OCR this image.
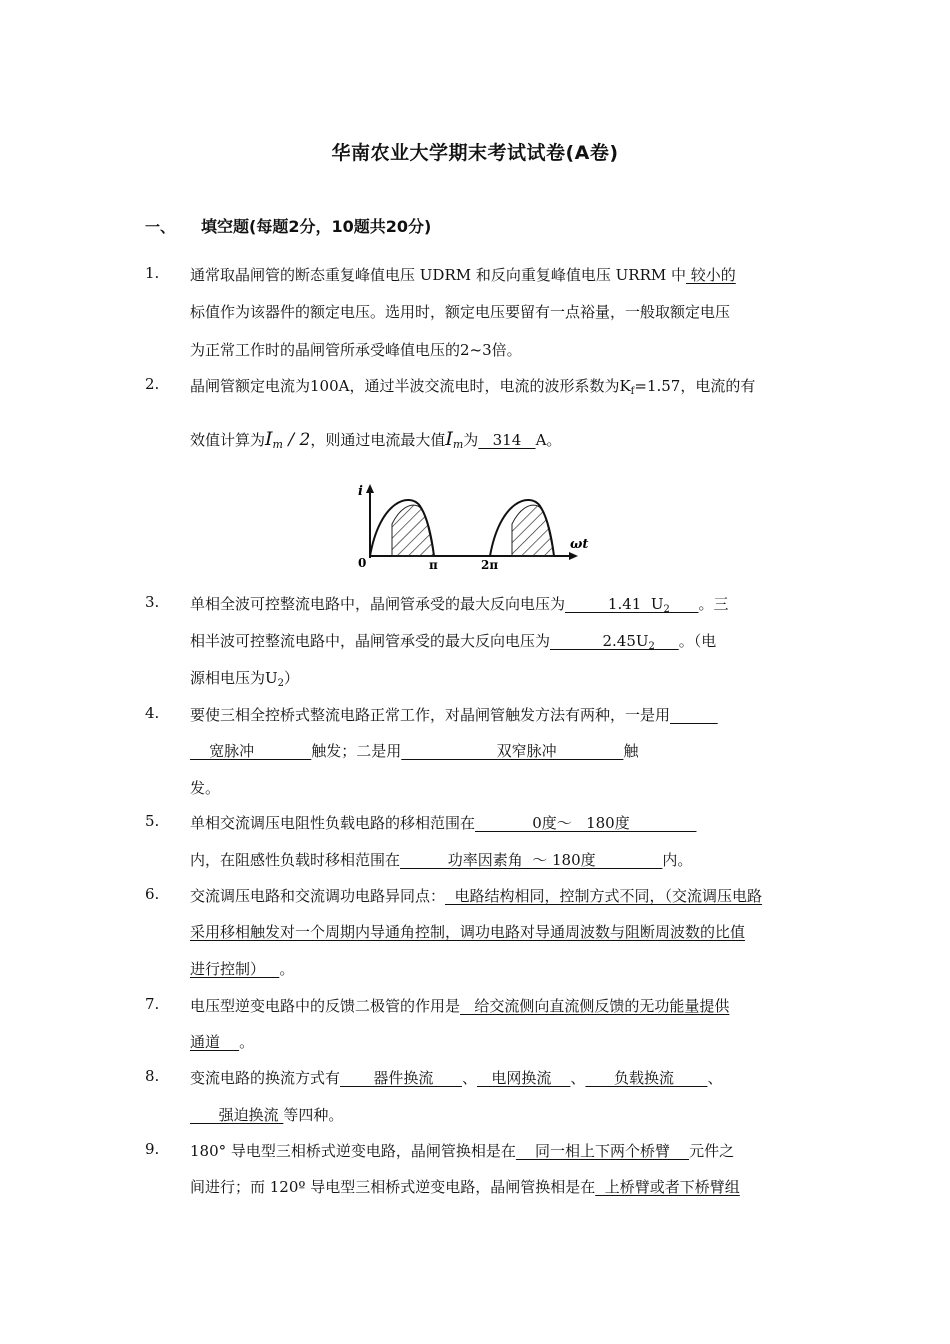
华南农业大学期末考试试卷(A卷)
一、 填空题(每题2分，10题共20分)
1. 通常取晶闸管的断态重复峰值电压 UDRM 和反向重复峰值电压 URRM 中 较小的
标值作为该器件的额定电压。选用时，额定电压要留有一点裕量，一般取额定电压
为正常工作时的晶闸管所承受峰值电压的2~3倍。
2. 晶闸管额定电流为100A，通过半波交流电时，电流的波形系数为$K_f=1.57$，电流的有
效值计算为$I_m / 2$，则通过电流最大值$I_m$为   314   A。
i
0	π	2π
ωt
3. 单相全波可控整流电路中，晶闸管承受的最大反向电压为         1.41  $U_2$ 。三
相半波可控整流电路中，晶闸管承受的最大反向电压为           $2.45U_2$ 。（电
源相电压为$U_2$）
4. 要使三相全控桥式整流电路正常工作，对晶闸管触发方法有两种，一是用
宽脉冲            触发；二是用                    双窄脉冲              触
发。
5. 单相交流调压电阻性负载电路的移相范围在            0度～   180度
内，在阻感性负载时移相范围在          功率因素角  ～ 180度              内。
6. 交流调压电路和交流调功电路异同点：  电路结构相同，控制方式不同，（交流调压电路
采用移相触发对一个周期内导通角控制，调功电路对导通周波数与阻断周波数的比值
进行控制）   。
7. 电压型逆变电路中的反馈二极管的作用是   给交流侧向直流侧反馈的无功能量提供
通道    。
8. 变流电路的换流方式有       器件换流      、   电网换流    、      负载换流       、
强迫换流 等四种。
9. 180° 导电型三相桥式逆变电路，晶闸管换相是在    同一相上下两个桥臂    元件之
间进行；而 120º 导电型三相桥式逆变电路，晶闸管换相是在  上桥臂或者下桥臂组
